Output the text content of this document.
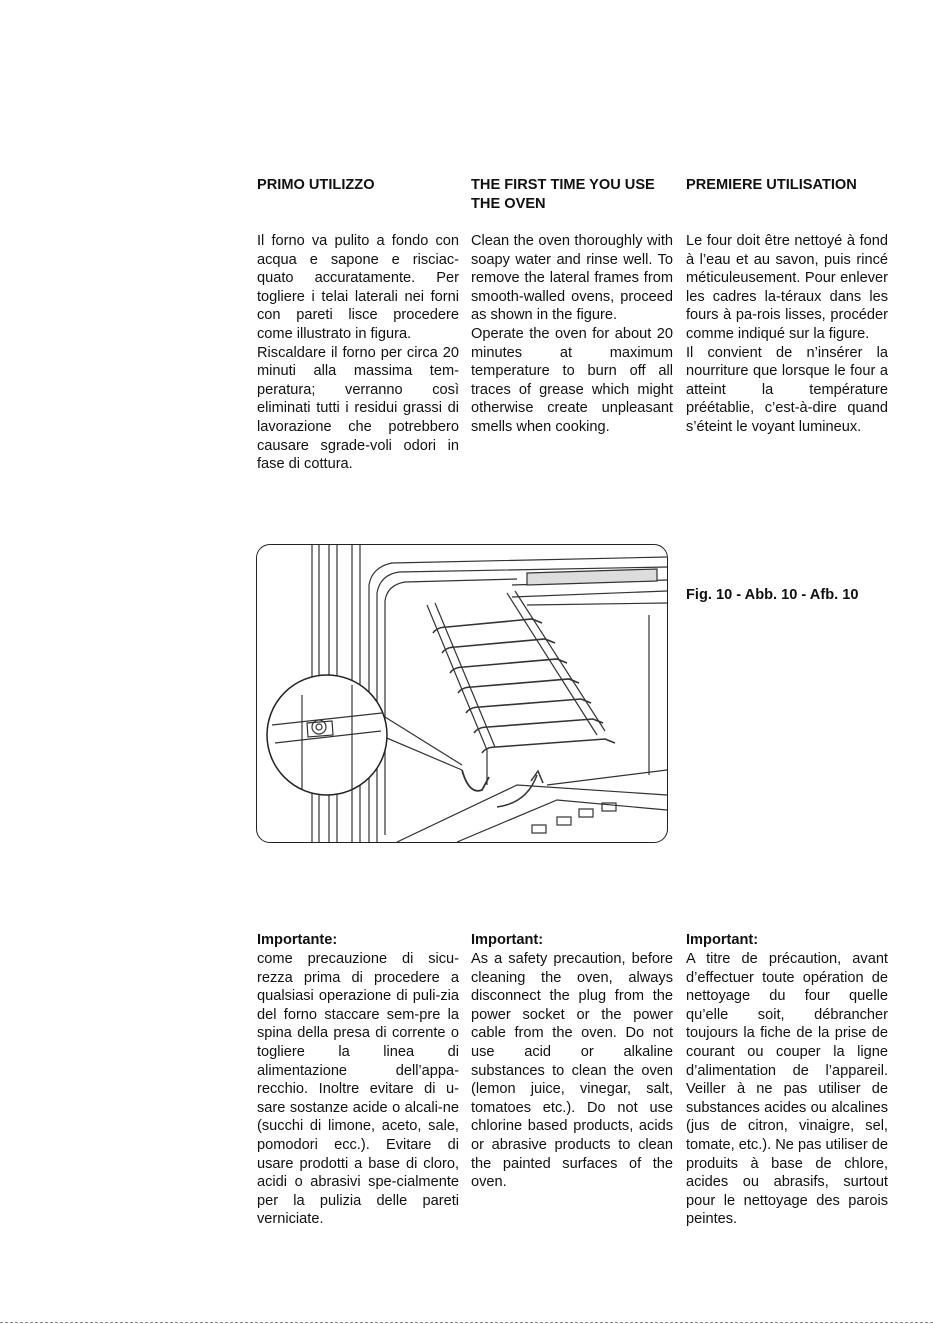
PRIMO UTILIZZO

Il forno va pulito a fondo con acqua e sapone e risciac-quato accuratamente. Per togliere i telai laterali nei forni con pareti lisce procedere come illustrato in figura.

Riscaldare il forno per circa 20 minuti alla massima tem-peratura; verranno così eliminati tutti i residui grassi di lavorazione che potrebbero causare sgrade-voli odori in fase di cottura.

THE FIRST TIME YOU USE THE OVEN

Clean the oven thoroughly with soapy water and rinse well. To remove the lateral frames from smooth-walled ovens, proceed as shown in the figure.

Operate the oven for about 20 minutes at maximum temperature to burn off all traces of grease which might otherwise create unpleasant smells when cooking.

PREMIERE UTILISATION

Le four doit être nettoyé à fond à l’eau et au savon, puis rincé méticuleusement. Pour enlever les cadres la-téraux dans les fours à pa-rois lisses, procéder comme indiqué sur la figure.

Il convient de n’insérer la nourriture que lorsque le four a atteint la température préétablie, c’est-à-dire quand s’éteint le voyant lumineux.

Fig. 10 - Abb. 10 - Afb. 10
Importante:

come precauzione di sicu-rezza prima di procedere a qualsiasi operazione di puli-zia del forno staccare sem-pre la spina della presa di corrente o togliere la linea di alimentazione dell’appa-recchio. Inoltre evitare di u-sare sostanze acide o alcali-ne (succhi di limone, aceto, sale, pomodori ecc.). Evitare di usare prodotti a base di cloro, acidi o abrasivi spe-cialmente per la pulizia delle pareti verniciate.

Important:

As a safety precaution, before cleaning the oven, always disconnect the plug from the power socket or the power cable from the oven. Do not use acid or alkaline substances to clean the oven (lemon juice, vinegar, salt, tomatoes etc.). Do not use chlorine based products, acids or abrasive products to clean the painted surfaces of the oven.

Important:

A titre de précaution, avant d’effectuer toute opération de nettoyage du four quelle qu’elle soit, débrancher toujours la fiche de la prise de courant ou couper la ligne d’alimentation de l’appareil. Veiller à ne pas utiliser de substances acides ou alcalines (jus de citron, vinaigre, sel, tomate, etc.). Ne pas utiliser de produits à base de chlore, acides ou abrasifs, surtout pour le nettoyage des parois peintes.
